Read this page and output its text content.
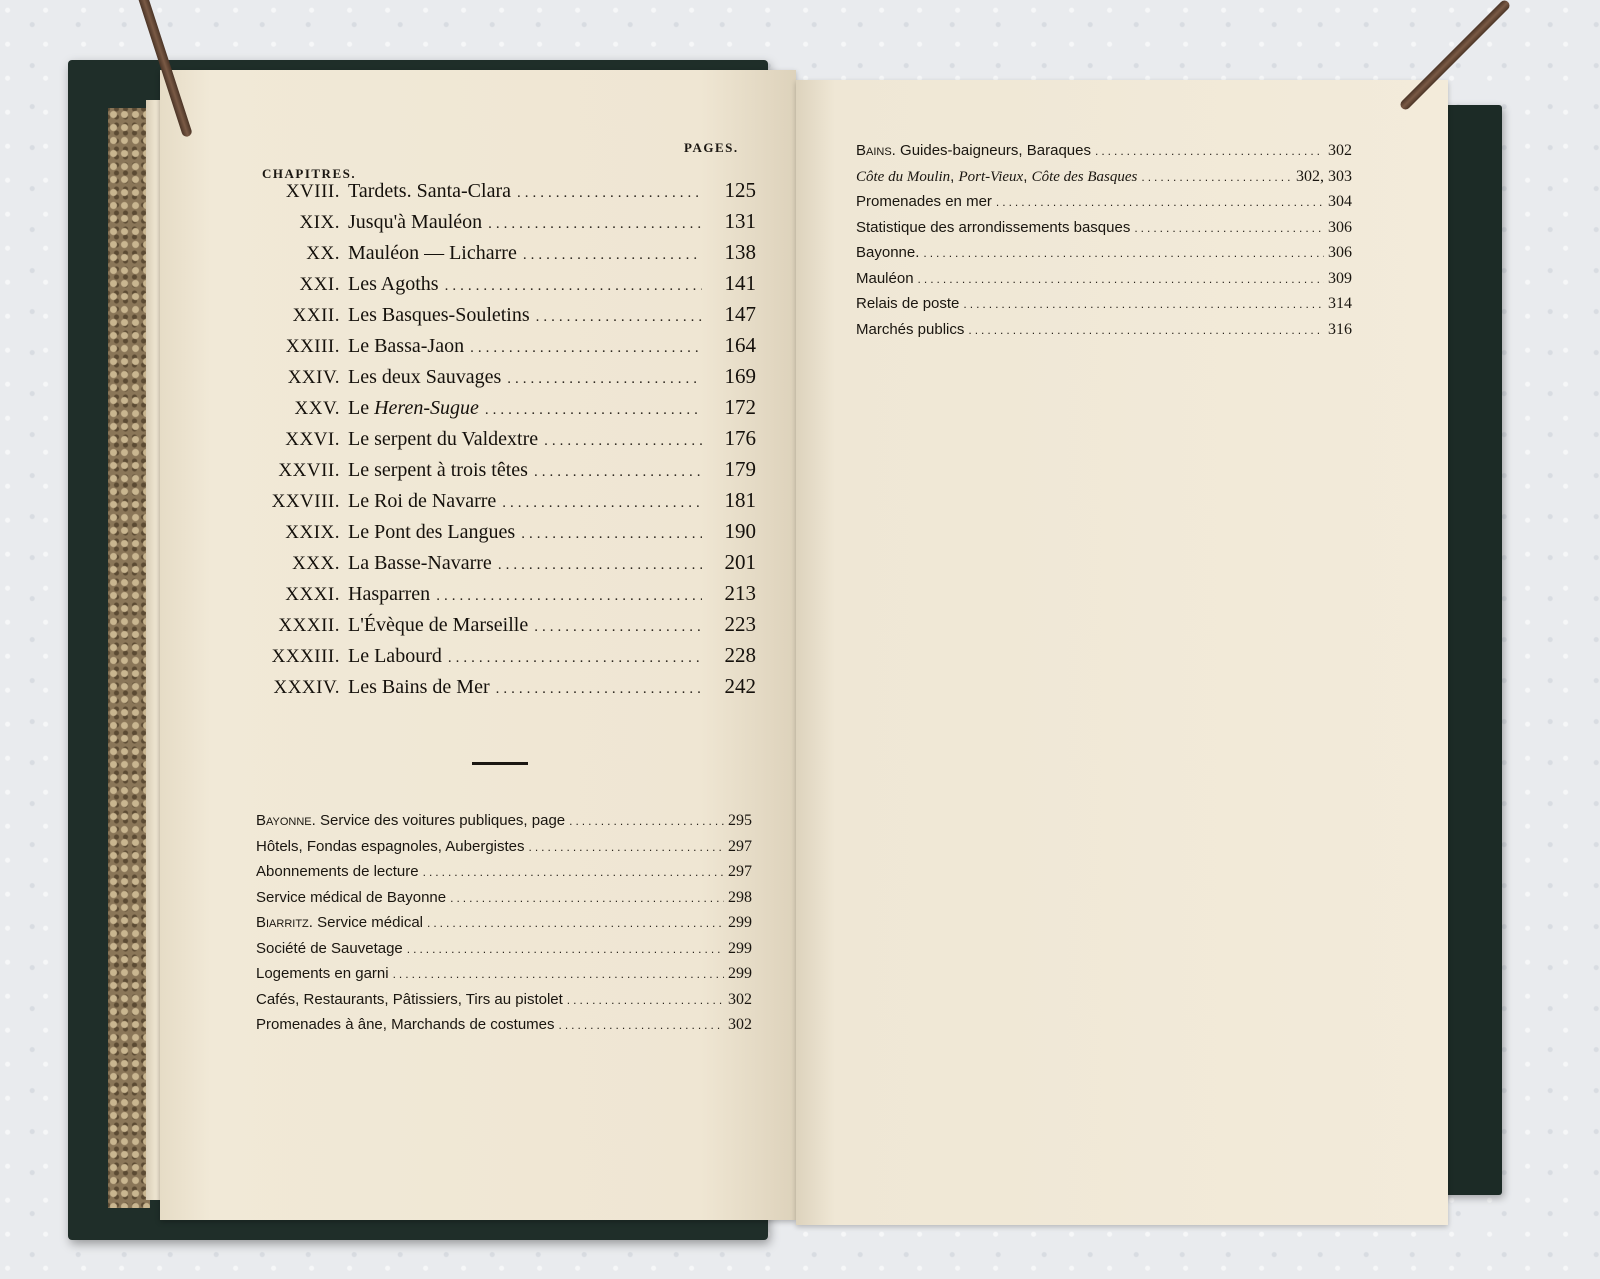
CHAPITRES.
PAGES.
XVIII. Tardets. Santa-Clara .....	125
XIX. Jusqu'à Mauléon .....	131
XX. Mauléon — Licharre .....	138
XXI. Les Agoths .....	141
XXII. Les Basques-Souletins .....	147
XXIII. Le Bassa-Jaon .....	164
XXIV. Les deux Sauvages .....	169
XXV. Le Heren-Sugue .....	172
XXVI. Le serpent du Valdextre .....	176
XXVII. Le serpent à trois têtes .....	179
XXVIII. Le Roi de Navarre .....	181
XXIX. Le Pont des Langues .....	190
XXX. La Basse-Navarre .....	201
XXXI. Hasparren .....	213
XXXII. L'Évèque de Marseille .....	223
XXXIII. Le Labourd .....	228
XXXIV. Les Bains de Mer .....	242
Bayonne. Service des voitures publiques, page .....	295
Hôtels, Fondas espagnoles, Aubergistes .....	297
Abonnements de lecture .....	297
Service médical de Bayonne .....	298
Biarritz. Service médical .....	299
Société de Sauvetage .....	299
Logements en garni .....	299
Cafés, Restaurants, Pâtissiers, Tirs au pistolet .....	302
Promenades à âne, Marchands de costumes .....	302
Bains. Guides-baigneurs, Baraques .....	302
Côte du Moulin, Port-Vieux, Côte des Basques .....	302, 303
Promenades en mer .....	304
Statistique des arrondissements basques .....	306
Bayonne. .....	306
Mauléon .....	309
Relais de poste .....	314
Marchés publics .....	316
